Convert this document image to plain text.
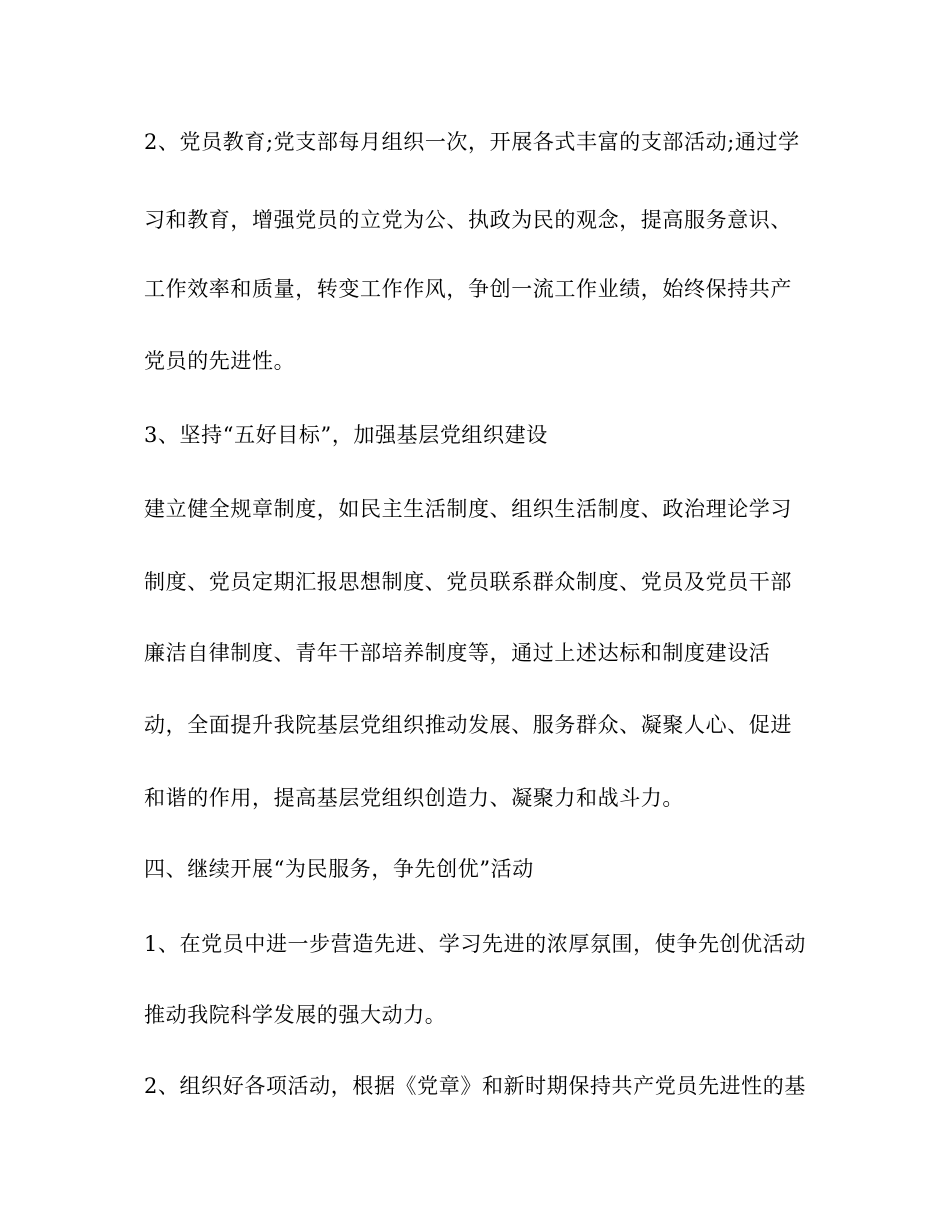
2、党员教育;党支部每月组织一次，开展各式丰富的支部活动;通过学
习和教育，增强党员的立党为公、执政为民的观念，提高服务意识、
工作效率和质量，转变工作作风，争创一流工作业绩，始终保持共产
党员的先进性。
3、坚持“五好目标”，加强基层党组织建设
建立健全规章制度，如民主生活制度、组织生活制度、政治理论学习
制度、党员定期汇报思想制度、党员联系群众制度、党员及党员干部
廉洁自律制度、青年干部培养制度等，通过上述达标和制度建设活
动，全面提升我院基层党组织推动发展、服务群众、凝聚人心、促进
和谐的作用，提高基层党组织创造力、凝聚力和战斗力。
四、继续开展“为民服务，争先创优”活动
1、在党员中进一步营造先进、学习先进的浓厚氛围，使争先创优活动
推动我院科学发展的强大动力。
2、组织好各项活动，根据《党章》和新时期保持共产党员先进性的基
